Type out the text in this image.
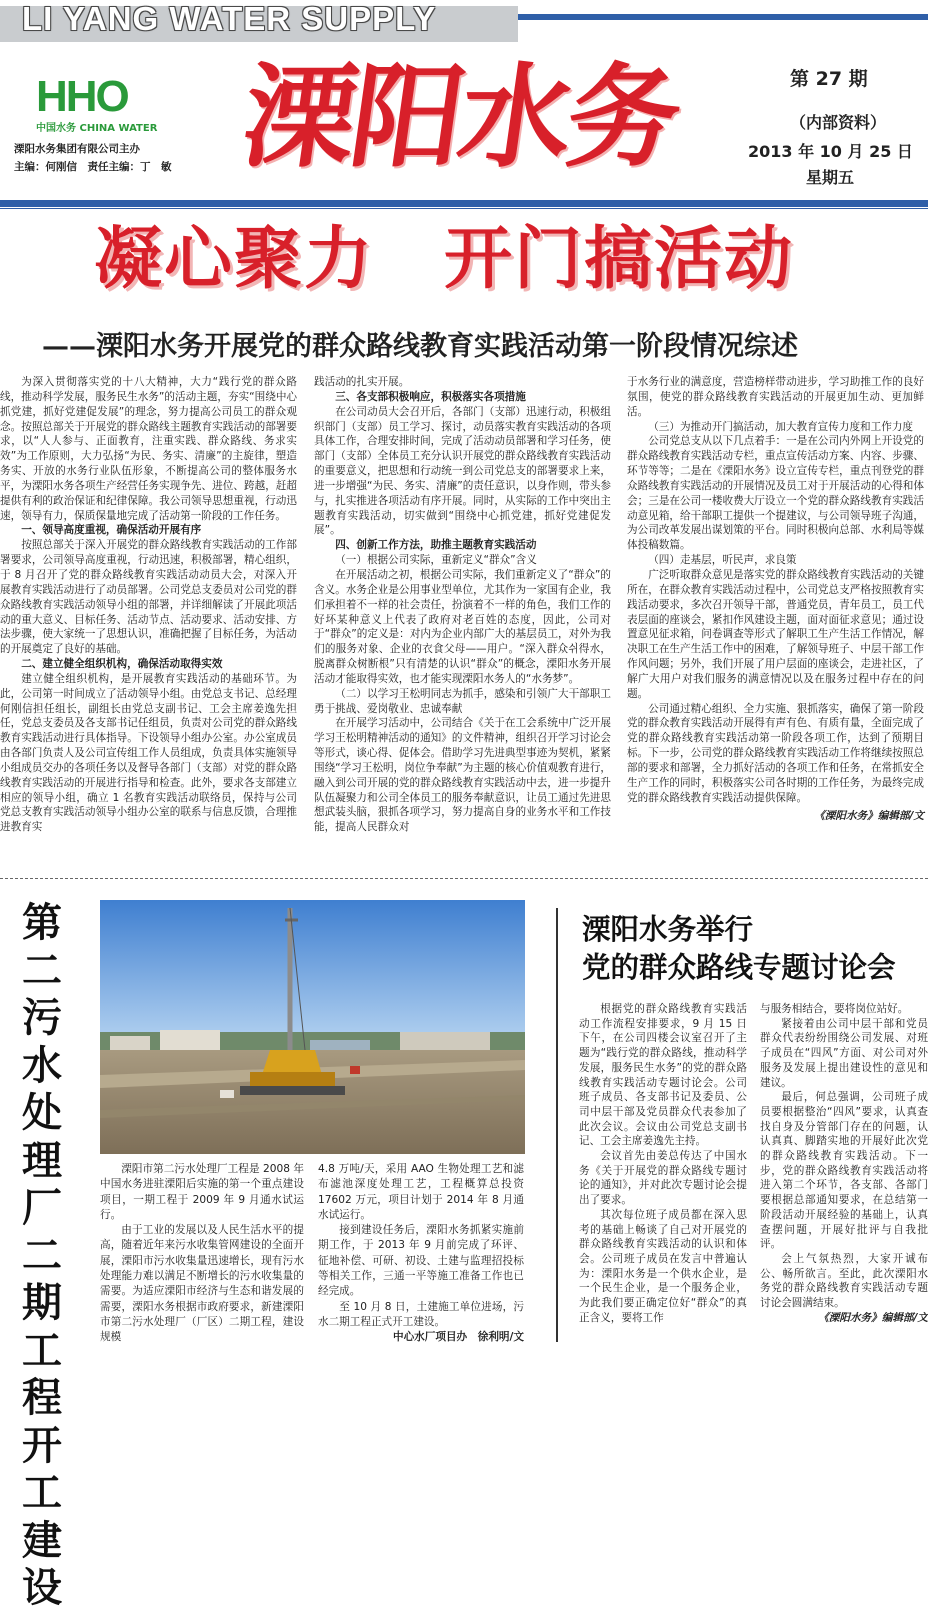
LI YANG WATER SUPPLY
HHO
中国水务 CHINA WATER
溧阳水务集团有限公司主办
主编：何刚信　责任主编：丁　敏 溧阳水务	第 27 期
（内部资料）
2013 年 10 月 25 日
星期五
凝心聚力　开门搞活动
——溧阳水务开展党的群众路线教育实践活动第一阶段情况综述

为深入贯彻落实党的十八大精神，大力“践行党的群众路线，推动科学发展，服务民生水务”的活动主题，夯实“围绕中心抓党建，抓好党建促发展”的理念，努力提高公司员工的群众观念。按照总部关于开展党的群众路线主题教育实践活动的部署要求，以“人人参与、正面教育，注重实践、群众路线、务求实效”为工作原则，大力弘扬“为民、务实、清廉”的主旋律，塑造务实、开放的水务行业队伍形象，不断提高公司的整体服务水平，为溧阳水务各项生产经营任务实现争先、进位、跨越，赶超提供有利的政治保证和纪律保障。我公司领导思想重视，行动迅速，领导有力，保质保量地完成了活动第一阶段的工作任务。

一、领导高度重视，确保活动开展有序

按照总部关于深入开展党的群众路线教育实践活动的工作部署要求，公司领导高度重视，行动迅速，积极部署，精心组织，于 8 月召开了党的群众路线教育实践活动动员大会，对深入开展教育实践活动进行了动员部署。公司党总支委员对公司党的群众路线教育实践活动领导小组的部署，并详细解读了开展此项活动的重大意义、目标任务、活动节点、活动要求、活动安排、方法步骤，使大家统一了思想认识，准确把握了目标任务，为活动的开展奠定了良好的基础。

二、建立健全组织机构，确保活动取得实效

建立健全组织机构，是开展教育实践活动的基础环节。为此，公司第一时间成立了活动领导小组。由党总支书记、总经理何刚信担任组长，副组长由党总支副书记、工会主席姜逸先担任，党总支委员及各支部书记任组员，负责对公司党的群众路线教育实践活动进行具体指导。下设领导小组办公室。办公室成员由各部门负责人及公司宣传组工作人员组成，负责具体实施领导小组成员交办的各项任务以及督导各部门（支部）对党的群众路线教育实践活动的开展进行指导和检查。此外，要求各支部建立相应的领导小组，确立 1 名教育实践活动联络员，保持与公司党总支教育实践活动领导小组办公室的联系与信息反馈，合理推进教育实

践活动的扎实开展。

三、各支部积极响应，积极落实各项措施

在公司动员大会召开后，各部门（支部）迅速行动，积极组织部门（支部）员工学习、探讨，动员落实教育实践活动的各项具体工作，合理安排时间，完成了活动动员部署和学习任务，使部门（支部）全体员工充分认识开展党的群众路线教育实践活动的重要意义，把思想和行动统一到公司党总支的部署要求上来，进一步增强“为民、务实、清廉”的责任意识，以身作则，带头参与，扎实推进各项活动有序开展。同时，从实际的工作中突出主题教育实践活动，切实做到“围绕中心抓党建，抓好党建促发展”。

四、创新工作方法，助推主题教育实践活动

（一）根据公司实际，重新定义“群众”含义

在开展活动之初，根据公司实际，我们重新定义了“群众”的含义。水务企业是公用事业型单位，尤其作为一家国有企业，我们承担着不一样的社会责任，扮演着不一样的角色，我们工作的好坏某种意义上代表了政府对老百姓的态度，因此，公司对于“群众”的定义是：对内为企业内部广大的基层员工，对外为我们的服务对象、企业的衣食父母——用户。“深入群众쉬得水，脱离群众树断根”只有清楚的认识“群众”的概念，溧阳水务开展活动才能取得实效，也才能实现溧阳水务人的“水务梦”。

（二）以学习王松明同志为抓手，感染和引领广大干部职工勇于挑战、爱岗敬业、忠诚奉献

在开展学习活动中，公司结合《关于在工会系统中广泛开展学习王松明精神活动的通知》的文件精神，组织召开学习讨论会等形式，谈心得、促体会。借助学习先进典型事迹为契机，紧紧围绕“学习王松明，岗位争奉献”为主题的核心价值观教育进行，融入到公司开展的党的群众路线教育实践活动中去，进一步提升队伍凝聚力和公司全体员工的服务奉献意识，让员工通过先进思想武装头脑，狠抓各项学习，努力提高自身的业务水平和工作技能，提高人民群众对

于水务行业的满意度，营造榜样带动进步，学习助推工作的良好氛围，使党的群众路线教育实践活动的开展更加生动、更加鲜活。

（三）为推动开门搞活动，加大教育宣传力度和工作力度

公司党总支从以下几点着手：一是在公司内外网上开设党的群众路线教育实践活动专栏，重点宣传活动方案、内容、步骤、环节等等；二是在《溧阳水务》设立宣传专栏，重点刊登党的群众路线教育实践活动的开展情况及员工对于开展活动的心得和体会；三是在公司一楼收费大厅设立一个党的群众路线教育实践活动意见箱，给干部职工提供一个提建议，与公司领导班子沟通，为公司改革发展出谋划策的平台。同时积极向总部、水利局等媒体投稿数篇。

（四）走基层，听民声，求良策

广泛听取群众意见是落实党的群众路线教育实践活动的关键所在，在群众教育实践活动过程中，公司党总支严格按照教育实践活动要求，多次召开领导干部，普通党员，青年员工，员工代表层面的座谈会，紧扣作风建设主题，面对面征求意见；通过设置意见征求箱，问卷调查等形式了解职工生产生活工作情况，解决职工在生产生活工作中的困难，了解领导班子、中层干部工作作风问题；另外，我们开展了用户层面的座谈会，走进社区，了解广大用户对我们服务的满意情况以及在服务过程中存在的问题。

公司通过精心组织、全力实施、狠抓落实，确保了第一阶段党的群众教育实践活动开展得有声有色、有质有量，全面完成了党的群众路线教育实践活动第一阶段各项工作，达到了预期目标。下一步，公司党的群众路线教育实践活动工作将继续按照总部的要求和部署，全力抓好活动的各项工作和任务，在常抓安全生产工作的同时，积极落实公司各时期的工作任务，为最终完成党的群众路线教育实践活动提供保障。

《溧阳水务》编辑部/文

第二污水处理厂二期工程开工建设

溧阳市第二污水处理厂工程是 2008 年中国水务进驻溧阳后实施的第一个重点建设项目，一期工程于 2009 年 9 月通水试运行。

由于工业的发展以及人民生活水平的提高，随着近年来污水收集管网建设的全面开展，溧阳市污水收集量迅速增长，现有污水处理能力难以满足不断增长的污水收集量的需要。为适应溧阳市经济与生态和谐发展的需要，溧阳水务根据市政府要求，新建溧阳市第二污水处理厂（厂区）二期工程，建设规模

4.8 万吨/天，采用 AAO 生物处理工艺和滤布滤池深度处理工艺，工程概算总投资 17602 万元，项目计划于 2014 年 8 月通水试运行。

接到建设任务后，溧阳水务抓紧实施前期工作，于 2013 年 9 月前完成了环评、征地补偿、可研、初设、土建与监理招投标等相关工作，三通一平等施工准备工作也已经完成。

至 10 月 8 日，土建施工单位进场，污水二期工程正式开工建设。

中心水厂项目办　徐利明/文

溧阳水务举行
党的群众路线专题讨论会

根据党的群众路线教育实践活动工作流程安排要求，9 月 15 日下午，在公司四楼会议室召开了主题为“践行党的群众路线，推动科学发展，服务民生水务”的党的群众路线教育实践活动专题讨论会。公司班子成员、各支部书记及委员、公司中层干部及党员群众代表参加了此次会议。会议由公司党总支副书记、工会主席姜逸先主持。

会议首先由姜总传达了中国水务《关于开展党的群众路线专题讨论的通知》，并对此次专题讨论会提出了要求。

其次每位班子成员都在深入思考的基础上畅谈了自己对开展党的群众路线教育实践活动的认识和体会。公司班子成员在发言中普遍认为：溧阳水务是一个供水企业，是一个民生企业，是一个服务企业，为此我们要正确定位好“群众”的真正含义，要将工作

与服务相结合，要将岗位站好。

紧接着由公司中层干部和党员群众代表纷纷围绕公司发展、对班子成员在“四风”方面、对公司对外服务及发展上提出建设性的意见和建议。

最后，何总强调，公司班子成员要根据整治“四风”要求，认真查找自身及分管部门存在的问题，认认真真、脚踏实地的开展好此次党的群众路线教育实践活动。下一步，党的群众路线教育实践活动将进入第二个环节，各支部、各部门要根据总部通知要求，在总结第一阶段活动开展经验的基础上，认真查摆问题，开展好批评与自我批评。

会上气氛热烈，大家开诚布公、畅所欲言。至此，此次溧阳水务党的群众路线教育实践活动专题讨论会圆满结束。

《溧阳水务》编辑部/文
